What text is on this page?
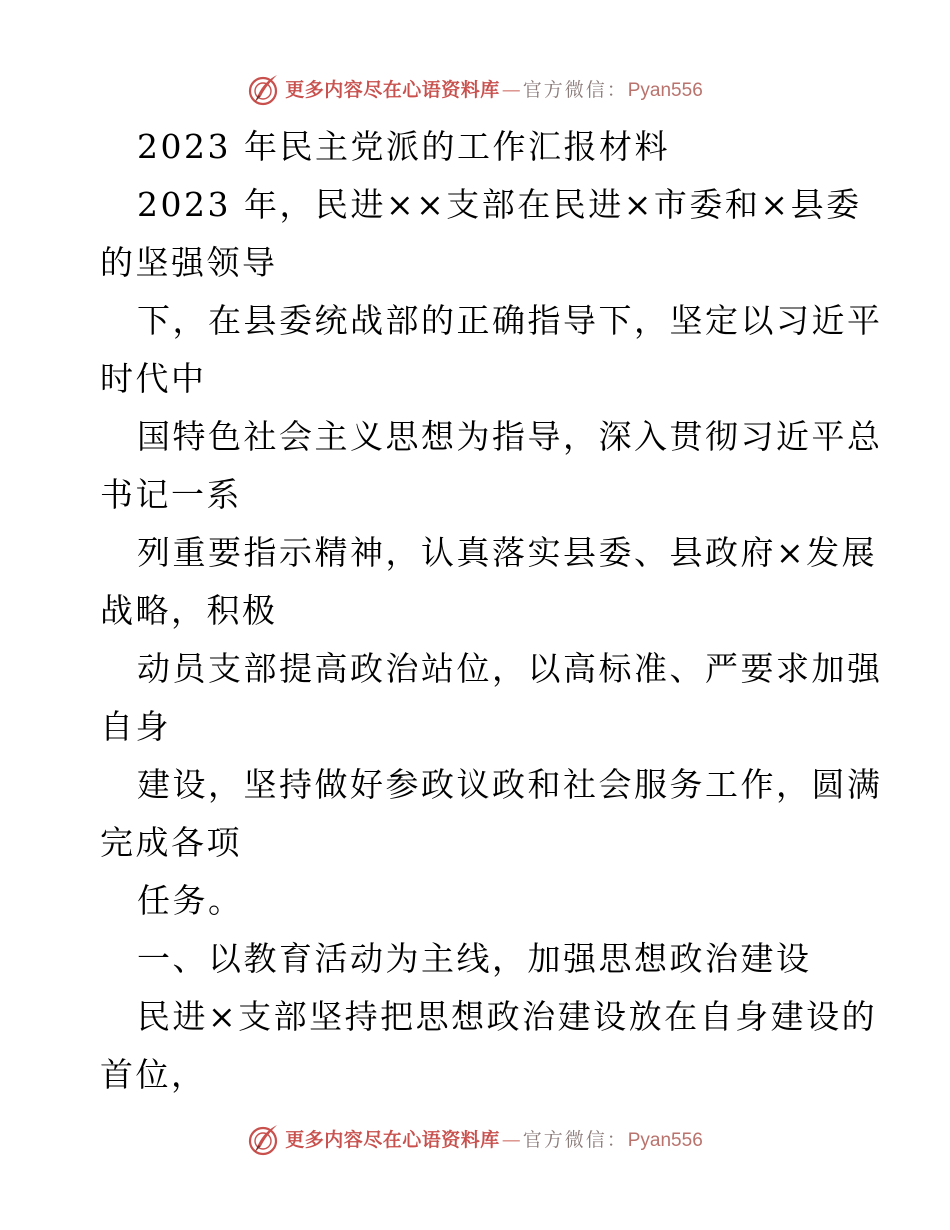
更多内容尽在心语资料库 — 官方微信： Pyan556

2023 年民主党派的工作汇报材料

2023 年，民进××支部在民进×市委和×县委

的坚强领导

下，在县委统战部的正确指导下，坚定以习近平

时代中

国特色社会主义思想为指导，深入贯彻习近平总

书记一系

列重要指示精神，认真落实县委、县政府×发展

战略，积极

动员支部提高政治站位，以高标准、严要求加强

自身

建设，坚持做好参政议政和社会服务工作，圆满

完成各项

任务。

一、以教育活动为主线，加强思想政治建设

民进×支部坚持把思想政治建设放在自身建设的

首位，

更多内容尽在心语资料库 — 官方微信： Pyan556
